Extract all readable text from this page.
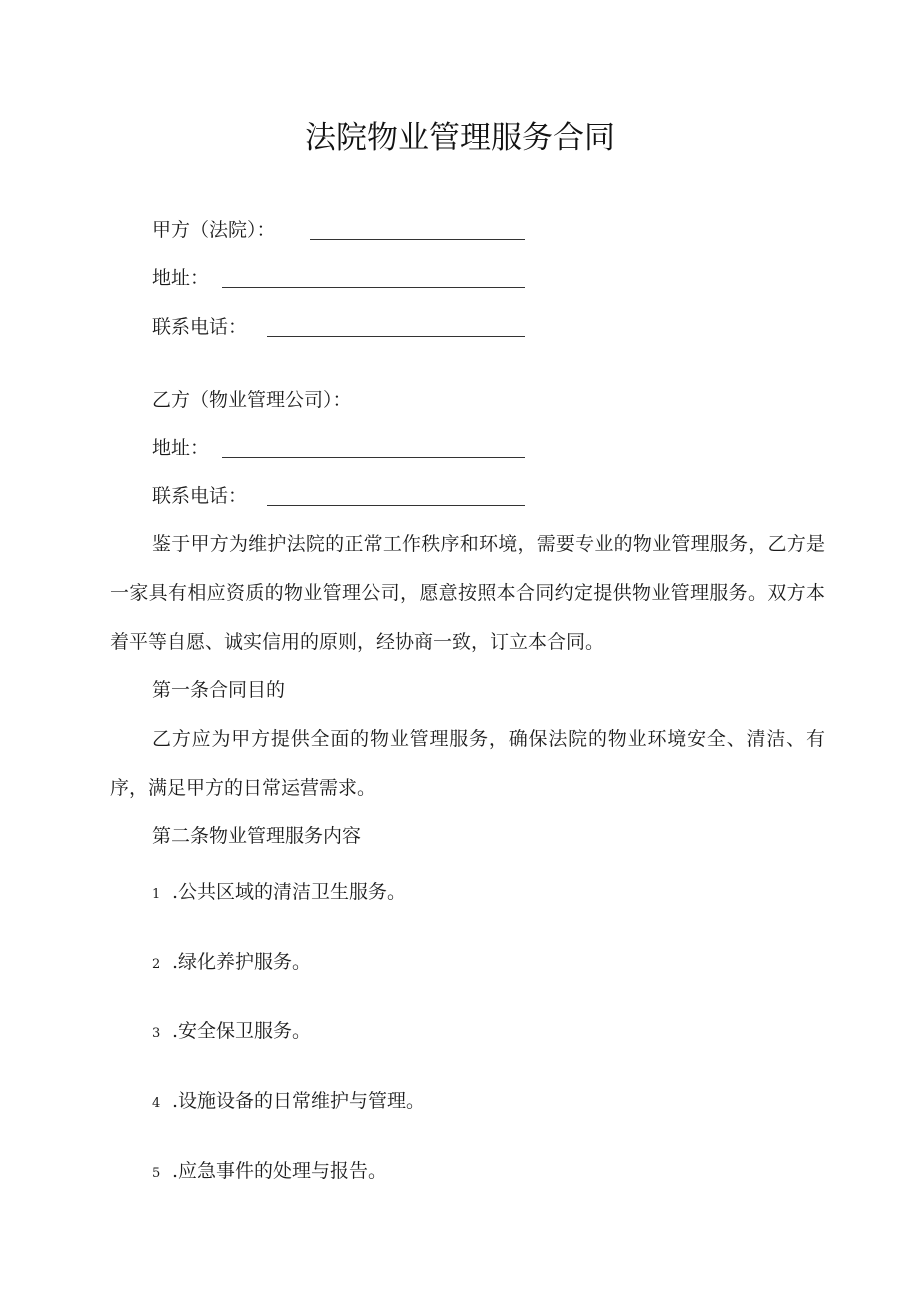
法院物业管理服务合同
甲方（法院）：
地址：
联系电话：
乙方（物业管理公司）：
地址：
联系电话：
鉴于甲方为维护法院的正常工作秩序和环境，需要专业的物业管理服务，乙方是一家具有相应资质的物业管理公司，愿意按照本合同约定提供物业管理服务。双方本着平等自愿、诚实信用的原则，经协商一致，订立本合同。
第一条合同目的
乙方应为甲方提供全面的物业管理服务，确保法院的物业环境安全、清洁、有序，满足甲方的日常运营需求。
第二条物业管理服务内容
1 .公共区域的清洁卫生服务。
2 .绿化养护服务。
3 .安全保卫服务。
4 .设施设备的日常维护与管理。
5 .应急事件的处理与报告。
